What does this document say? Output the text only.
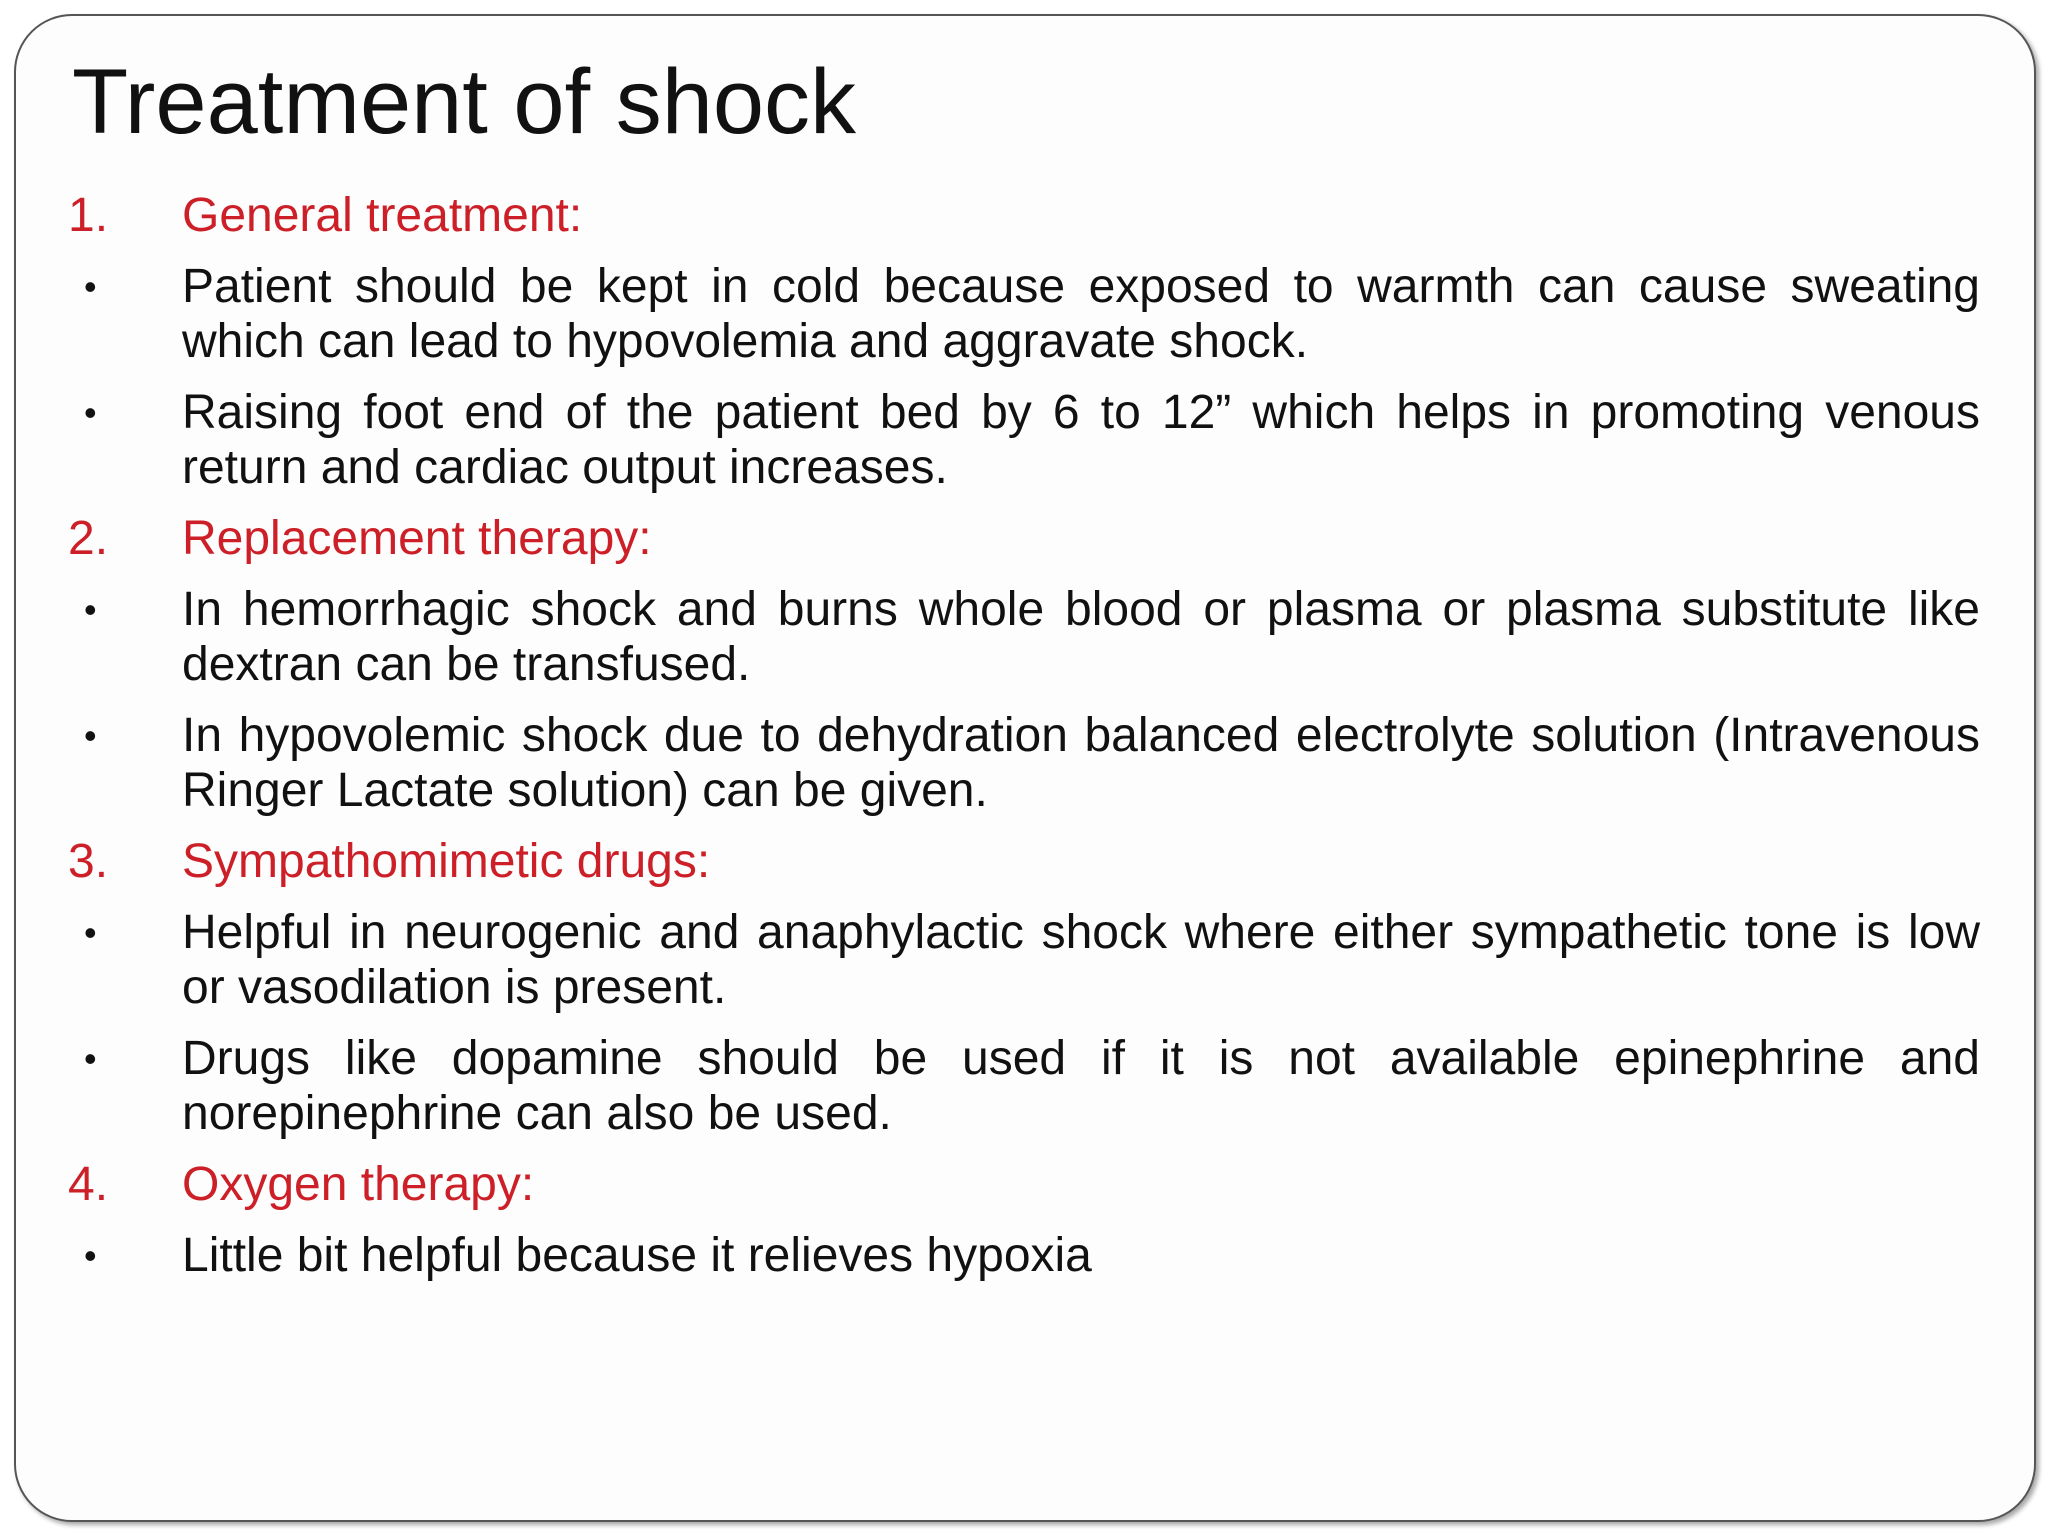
Treatment of shock
1.	General treatment:
•	Patient should be kept in cold because exposed to warmth can cause sweating which can lead to hypovolemia and aggravate shock.
•	Raising foot end of the patient bed by 6 to 12” which helps in promoting venous return and cardiac output increases.
2.	Replacement therapy:
•	In hemorrhagic shock and burns whole blood or plasma or plasma substitute like dextran can be transfused.
•	In hypovolemic shock due to dehydration balanced electrolyte solution (Intravenous Ringer Lactate solution) can be given.
3.	Sympathomimetic drugs:
•	Helpful in neurogenic and anaphylactic shock where either sympathetic tone is low or vasodilation is present.
•	Drugs like dopamine should be used if it is not available epinephrine and norepinephrine can also be used.
4.	Oxygen therapy:
•	Little bit helpful because it relieves hypoxia
